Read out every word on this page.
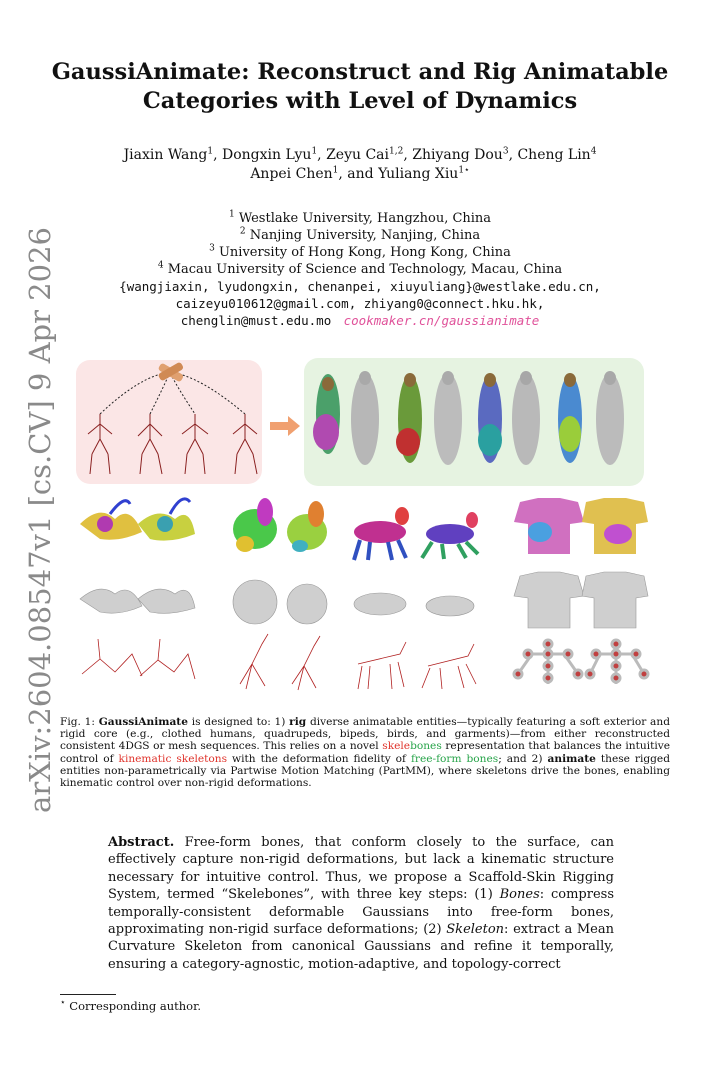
arXiv:2604.08547v1 [cs.CV] 9 Apr 2026
GaussiAnimate: Reconstruct and Rig Animatable
Categories with Level of Dynamics
Jiaxin Wang$^1$, Dongxin Lyu$^1$, Zeyu Cai$^{1,2}$, Zhiyang Dou$^3$, Cheng Lin$^4$
Anpei Chen$^1$, and Yuliang Xiu$^{1⋆}$
$^1$ Westlake University, Hangzhou, China
$^2$ Nanjing University, Nanjing, China
$^3$ University of Hong Kong, Hong Kong, China
$^4$ Macau University of Science and Technology, Macau, China
{wangjiaxin, lyudongxin, chenanpei, xiuyuliang}@westlake.edu.cn,
caizeyu010612@gmail.com, zhiyang0@connect.hku.hk,
chenglin@must.edu.mo cookmaker.cn/gaussianimate
Fig. 1: GaussiAnimate is designed to: 1) rig diverse animatable entities—typically featuring a soft exterior and rigid core (e.g., clothed humans, quadrupeds, bipeds, birds, and garments)—from either reconstructed consistent 4DGS or mesh sequences. This relies on a novel skelebones representation that balances the intuitive control of kinematic skeletons with the deformation fidelity of free-form bones; and 2) animate these rigged entities non-parametrically via Partwise Motion Matching (PartMM), where skeletons drive the bones, enabling kinematic control over non-rigid deformations.
Abstract. Free-form bones, that conform closely to the surface, can effectively capture non-rigid deformations, but lack a kinematic structure necessary for intuitive control. Thus, we propose a Scaffold-Skin Rigging System, termed “Skelebones”, with three key steps: (1) Bones: compress temporally-consistent deformable Gaussians into free-form bones, approximating non-rigid surface deformations; (2) Skeleton: extract a Mean Curvature Skeleton from canonical Gaussians and refine it temporally, ensuring a category-agnostic, motion-adaptive, and topology-correct
⋆ Corresponding author.
